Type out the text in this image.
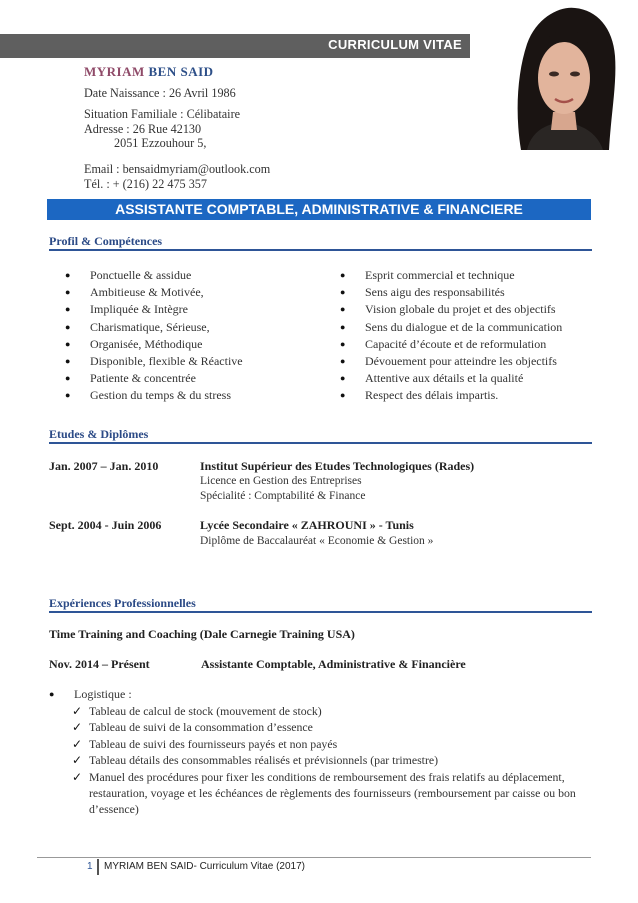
CURRICULUM VITAE
MYRIAM BEN SAID
Date Naissance : 26 Avril 1986
Situation Familiale : Célibataire
Adresse : 26 Rue 42130
2051 Ezzouhour 5,
Email : bensaidmyriam@outlook.com
Tél. : + (216) 22 475 357
ASSISTANTE COMPTABLE, ADMINISTRATIVE & FINANCIERE
Profil & Compétences
● Ponctuelle & assidue
● Ambitieuse & Motivée,
● Impliquée & Intègre
● Charismatique, Sérieuse,
● Organisée, Méthodique
● Disponible, flexible & Réactive
● Patiente & concentrée
● Gestion du temps & du stress
● Esprit commercial et technique
● Sens aigu des responsabilités
● Vision globale du projet et des objectifs
● Sens du dialogue et de la communication
● Capacité d’écoute et de reformulation
● Dévouement pour atteindre les objectifs
● Attentive aux détails et la qualité
● Respect des délais impartis.
Etudes & Diplômes
Jan. 2007 – Jan. 2010	Institut Supérieur des Etudes Technologiques (Rades)
Licence en Gestion des Entreprises
Spécialité : Comptabilité & Finance
Sept. 2004 - Juin 2006	Lycée Secondaire « ZAHROUNI » - Tunis
Diplôme de Baccalauréat « Economie & Gestion »
Expériences Professionnelles
Time Training and Coaching (Dale Carnegie Training USA)
Nov. 2014 – Présent	Assistante Comptable, Administrative & Financière
● Logistique :
✓ Tableau de calcul de stock (mouvement de stock)
✓ Tableau de suivi de la consommation d’essence
✓ Tableau de suivi des fournisseurs payés et non payés
✓ Tableau détails des consommables réalisés et prévisionnels (par trimestre)
✓ Manuel des procédures pour fixer les conditions de remboursement des frais relatifs au déplacement, restauration, voyage et les échéances de règlements des fournisseurs (remboursement par caisse ou bon d’essence)
1 MYRIAM BEN SAID- Curriculum Vitae (2017)
